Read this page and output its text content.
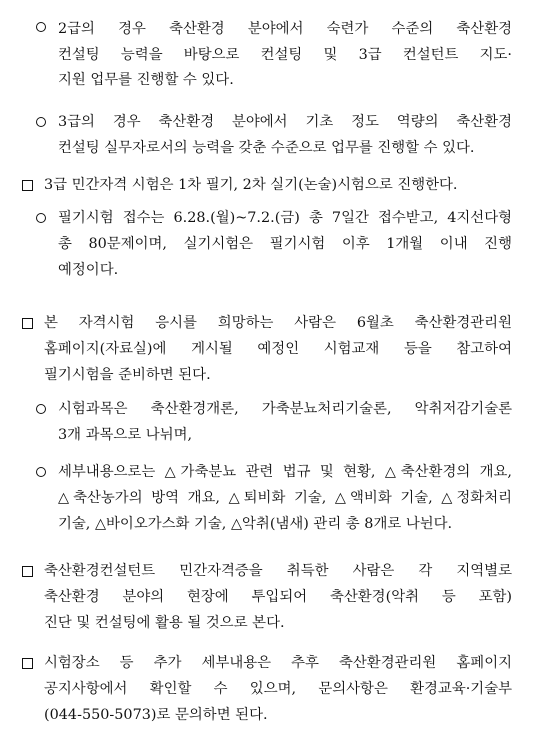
2급의 경우 축산환경 분야에서 숙련가 수준의 축산환경
컨설팅 능력을 바탕으로 컨설팅 및 3급 컨설턴트 지도·
지원 업무를 진행할 수 있다.
3급의 경우 축산환경 분야에서 기초 정도 역량의 축산환경
컨설팅 실무자로서의 능력을 갖춘 수준으로 업무를 진행할 수 있다.
3급 민간자격 시험은 1차 필기, 2차 실기(논술)시험으로 진행한다.
필기시험 접수는 6.28.(월)~7.2.(금) 총 7일간 접수받고, 4지선다형
총 80문제이며, 실기시험은 필기시험 이후 1개월 이내 진행
예정이다.
본 자격시험 응시를 희망하는 사람은 6월초 축산환경관리원
홈페이지(자료실)에 게시될 예정인 시험교재 등을 참고하여
필기시험을 준비하면 된다.
시험과목은 축산환경개론, 가축분뇨처리기술론, 악취저감기술론
3개 과목으로 나뉘며,
세부내용으로는 △가축분뇨 관련 법규 및 현황, △축산환경의 개요,
△축산농가의 방역 개요, △퇴비화 기술, △액비화 기술, △정화처리
기술, △바이오가스화 기술, △악취(냄새) 관리 총 8개로 나뉜다.
축산환경컨설턴트 민간자격증을 취득한 사람은 각 지역별로
축산환경 분야의 현장에 투입되어 축산환경(악취 등 포함)
진단 및 컨설팅에 활용 될 것으로 본다.
시험장소 등 추가 세부내용은 추후 축산환경관리원 홈페이지
공지사항에서 확인할 수 있으며, 문의사항은 환경교육·기술부
(044-550-5073)로 문의하면 된다.
